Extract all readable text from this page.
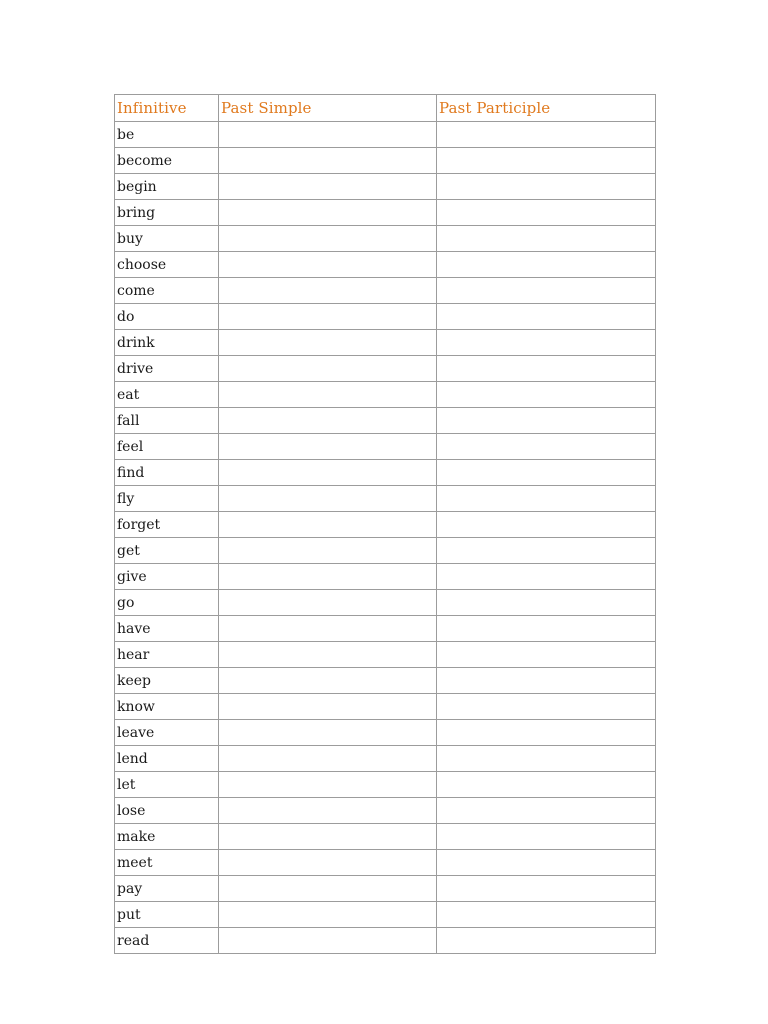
Infinitive	Past Simple	Past Participle
be		
become		
begin		
bring		
buy		
choose		
come		
do		
drink		
drive		
eat		
fall		
feel		
find		
fly		
forget		
get		
give		
go		
have		
hear		
keep		
know		
leave		
lend		
let		
lose		
make		
meet		
pay		
put		
read		
